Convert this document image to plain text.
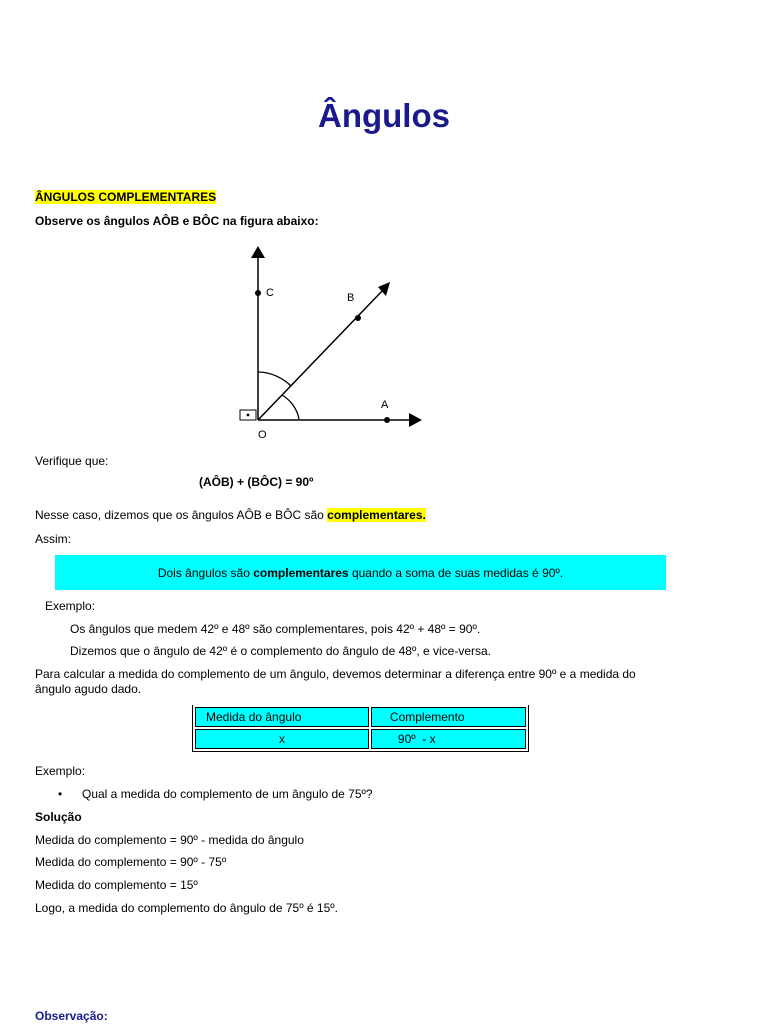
Ângulos
ÂNGULOS COMPLEMENTARES
Observe os ângulos AÔB e BÔC na figura abaixo:
C	B
A
O
Verifique que:
(AÔB) + (BÔC) = 90º
Nesse caso, dizemos que os ângulos AÔB e BÔC são complementares.
Assim:
Dois ângulos são complementares quando a soma de suas medidas é 90º.
Exemplo:
Os ângulos que medem 42º e 48º são complementares, pois 42º + 48º = 90º.
Dizemos que o ângulo de 42º é o complemento do ângulo de 48º, e vice-versa.
Para calcular a medida do complemento de um ângulo, devemos determinar a diferença entre 90º e a medida do
ângulo agudo dado.
Medida do ângulo	Complemento
x	90º  - x
Exemplo:
• Qual a medida do complemento de um ângulo de 75º?
Solução
Medida do complemento = 90º - medida do ângulo
Medida do complemento = 90º - 75º
Medida do complemento = 15º
Logo, a medida do complemento do ângulo de 75º é 15º.
Observação:
